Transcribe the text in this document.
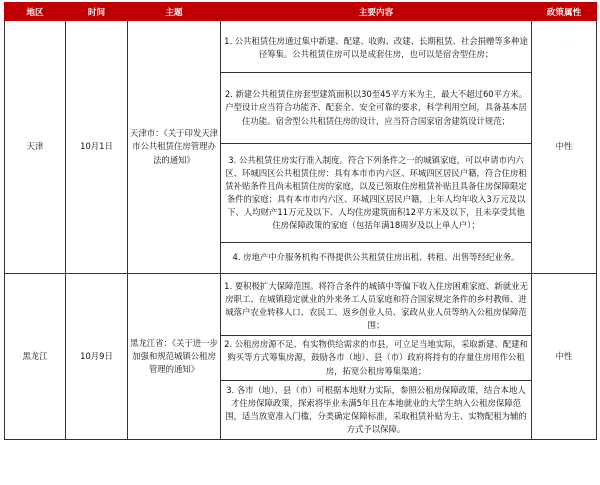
地区	时间	主题	主要内容	政策属性
天津	10月1日	天津市：《关于印发天津市公共租赁住房管理办法的通知》	1. 公共租赁住房通过集中新建、配建、收购、改建、长期租赁、社会捐赠等多种途径筹集。公共租赁住房可以是成套住房，也可以是宿舍型住房；	中性
			2. 新建公共租赁住房套型建筑面积以30至45平方米为主，最大不超过60平方米。户型设计应当符合功能齐、配套全、安全可靠的要求，科学利用空间，具备基本居住功能。宿舍型公共租赁住房的设计，应当符合国家宿舍建筑设计规范；	
			3. 公共租赁住房实行准入制度。符合下列条件之一的城镇家庭，可以申请市内六区、环城四区公共租赁住房：具有本市市内六区、环城四区居民户籍，符合住房租赁补贴条件且尚未租赁住房的家庭，以及已领取住房租赁补贴且具备住房保障限定条件的家庭；具有本市市内六区、环城四区居民户籍，上年人均年收入3万元及以下、人均财产11万元及以下、人均住房建筑面积12平方米及以下，且未享受其他住房保障政策的家庭（包括年满18周岁及以上单人户）；	
			4. 房地产中介服务机构不得提供公共租赁住房出租、转租、出售等经纪业务。	
黑龙江	10月9日	黑龙江省：《关于进一步加强和规范城镇公租房管理的通知》	1. 要积极扩大保障范围。将符合条件的城镇中等偏下收入住房困难家庭、新就业无房职工、在城镇稳定就业的外来务工人员家庭和符合国家规定条件的乡村教师、进城落户农业转移人口、农民工、返乡创业人员、家政从业人员等纳入公租房保障范围；	中性
			2. 公租房房源不足、有实物供给需求的市县，可立足当地实际，采取新建、配建和购买等方式筹集房源，鼓励各市（地）、县（市）政府将持有的存量住房用作公租房，拓宽公租房筹集渠道；	
			3. 各市（地）、县（市）可根据本地财力实际，参照公租房保障政策，结合本地人才住房保障政策，探索将毕业未满5年且在本地就业的大学生纳入公租房保障范围，适当放宽准入门槛，分类确定保障标准，采取租赁补贴为主、实物配租为辅的方式予以保障。	
